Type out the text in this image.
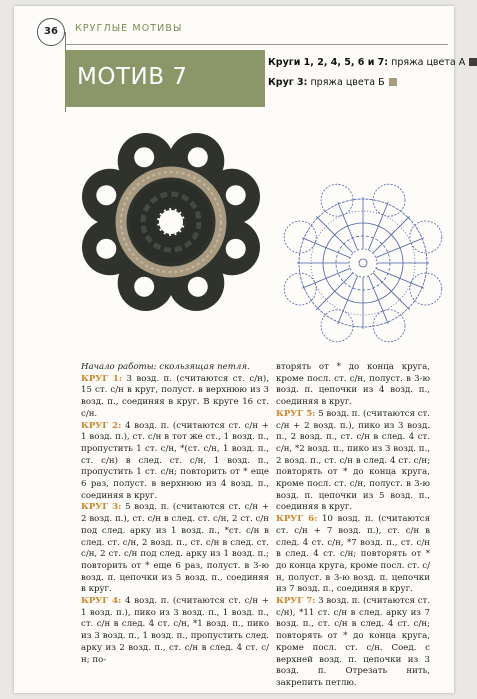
36	КРУГЛЫЕ МОТИВЫ
МОТИВ 7
Круги 1, 2, 4, 5, 6 и 7: пряжа цвета А
Круг 3: пряжа цвета Б

Начало работы: скользящая петля.

КРУГ 1: 3 возд. п. (считаются ст. с/н), 15 ст. с/н в круг, полуст. в верхнюю из 3 возд. п., соединяя в круг. В круге 16 ст. с/н.

КРУГ 2: 4 возд. п. (считаются ст. с/н + 1 возд. п.), ст. с/н в тот же ст., 1 возд. п., пропустить 1 ст. с/н, *(ст. с/н, 1 возд. п., ст. с/н) в след. ст. с/н, 1 возд. п., пропустить 1 ст. с/н; повторить от * еще 6 раз, полуст. в верхнюю из 4 возд. п., соединяя в круг.

КРУГ 3: 5 возд. п. (считаются ст. с/н + 2 возд. п.), ст. с/н в след. ст. с/н, 2 ст. с/н под след. арку из 1 возд. п., *ст. с/н в след. ст. с/н, 2 возд. п., ст. с/н в след. ст. с/н, 2 ст. с/н под след. арку из 1 возд. п.; повторить от * еще 6 раз, полуст. в 3-ю возд. п. цепочки из 5 возд. п., соединяя в круг.

КРУГ 4: 4 возд. п. (считаются ст. с/н + 1 возд. п.), пико из 3 возд. п., 1 возд. п., ст. с/н в след. 4 ст. с/н, *1 возд. п., пико из 3 возд. п., 1 возд. п., пропустить след. арку из 2 возд. п., ст. с/н в след. 4 ст. с/н; по-

вторять от * до конца круга, кроме посл. ст. с/н, полуст. в 3-ю возд. п. цепочки из 4 возд. п., соединяя в круг.

КРУГ 5: 5 возд. п. (считаются ст. с/н + 2 возд. п.), пико из 3 возд. п., 2 возд. п., ст. с/н в след. 4 ст. с/н, *2 возд. п., пико из 3 возд. п., 2 возд. п., ст. с/н в след. 4 ст. с/н; повторять от * до конца круга, кроме посл. ст. с/н, полуст. в 3-ю возд. п. цепочки из 5 возд. п., соединяя в круг.

КРУГ 6: 10 возд. п. (считаются ст. с/н + 7 возд. п.), ст. с/н в след. 4 ст. с/н, *7 возд. п., ст. с/н в след. 4 ст. с/н; повторять от * до конца круга, кроме посл. ст. с/н, полуст. в 3-ю возд. п. цепочки из 7 возд. п., соединяя в круг.

КРУГ 7: 3 возд. п. (считаются ст. с/н), *11 ст. с/н в след. арку из 7 возд. п., ст. с/н в след. 4 ст. с/н; повторять от * до конца круга, кроме посл. ст. с/н. Соед. с верхней возд. п. цепочки из 3 возд. п. Отрезать нить, закрепить петлю.
